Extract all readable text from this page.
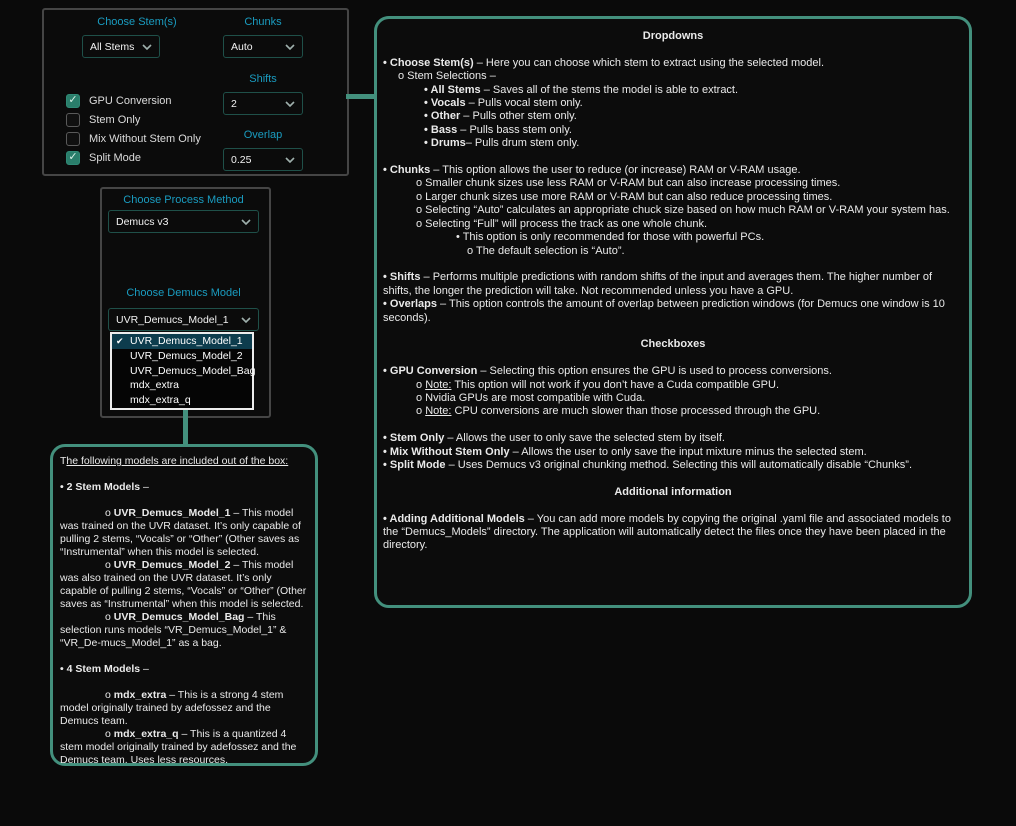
Choose Stem(s)
All Stems
Chunks
Auto
Shifts
2
Overlap
0.25
✓ GPU Conversion
Stem Only
Mix Without Stem Only
✓ Split Mode
Choose Process Method
Demucs v3
Choose Demucs Model
UVR_Demucs_Model_1
✔ UVR_Demucs_Model_1
UVR_Demucs_Model_2
UVR_Demucs_Model_Bag
mdx_extra
mdx_extra_q
The following models are included out of the box:

• 2 Stem Models –

o UVR_Demucs_Model_1 – This model was trained on the UVR dataset. It’s only capable of pulling 2 stems, “Vocals” or “Other” (Other saves as “Instrumental” when this model is selected.
o UVR_Demucs_Model_2 – This model was also trained on the UVR dataset. It’s only capable of pulling 2 stems, “Vocals” or “Other” (Other saves as “Instrumental” when this model is selected.
o UVR_Demucs_Model_Bag – This selection runs models “VR_Demucs_Model_1” & “VR_De-mucs_Model_1” as a bag.

• 4 Stem Models –

o mdx_extra – This is a strong 4 stem model originally trained by adefossez and the Demucs team.
o mdx_extra_q – This is a quantized 4 stem model originally trained by adefossez and the Demucs team. Uses less resources.
Dropdowns

• Choose Stem(s) – Here you can choose which stem to extract using the selected model.
o Stem Selections –
• All Stems – Saves all of the stems the model is able to extract.
• Vocals – Pulls vocal stem only.
• Other – Pulls other stem only.
• Bass – Pulls bass stem only.
• Drums– Pulls drum stem only.

• Chunks – This option allows the user to reduce (or increase) RAM or V-RAM usage.
o Smaller chunk sizes use less RAM or V-RAM but can also increase processing times.
o Larger chunk sizes use more RAM or V-RAM but can also reduce processing times.
o Selecting “Auto” calculates an appropriate chuck size based on how much RAM or V-RAM your system has.
o Selecting “Full” will process the track as one whole chunk.
• This option is only recommended for those with powerful PCs.
o The default selection is “Auto”.

• Shifts – Performs multiple predictions with random shifts of the input and averages them. The higher number of shifts, the longer the prediction will take. Not recommended unless you have a GPU.
• Overlaps – This option controls the amount of overlap between prediction windows (for Demucs one window is 10 seconds).

Checkboxes

• GPU Conversion – Selecting this option ensures the GPU is used to process conversions.
o Note: This option will not work if you don’t have a Cuda compatible GPU.
o Nvidia GPUs are most compatible with Cuda.
o Note: CPU conversions are much slower than those processed through the GPU.

• Stem Only – Allows the user to only save the selected stem by itself.
• Mix Without Stem Only – Allows the user to only save the input mixture minus the selected stem.
• Split Mode – Uses Demucs v3 original chunking method. Selecting this will automatically disable “Chunks”.

Additional information

• Adding Additional Models – You can add more models by copying the original .yaml file and associated models to the “Demucs_Models” directory. The application will automatically detect the files once they have been placed in the directory.
